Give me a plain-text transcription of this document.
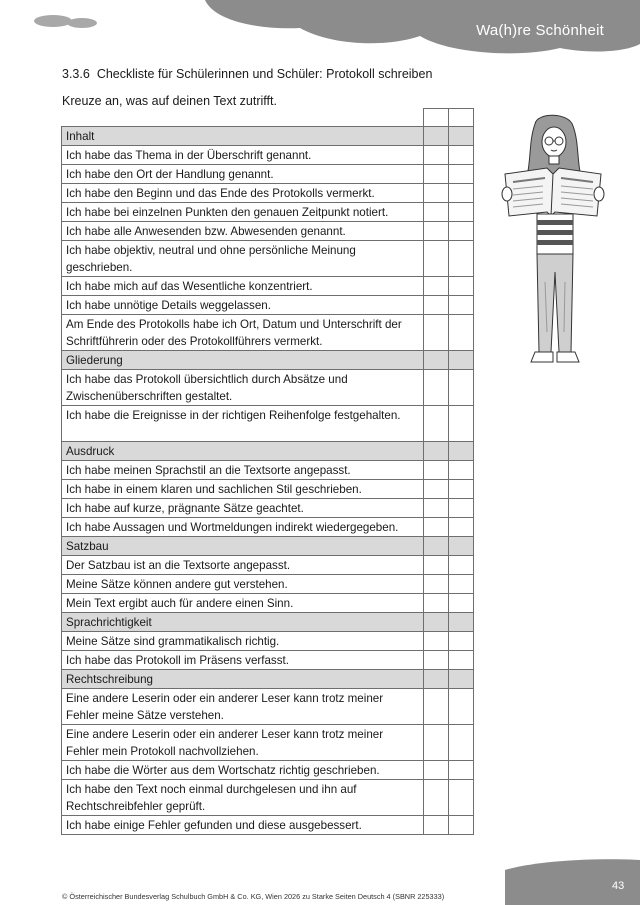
Wa(h)re Schönheit
3.3.6 Checkliste für Schülerinnen und Schüler: Protokoll schreiben
Kreuze an, was auf deinen Text zutrifft.

Inhalt		
Ich habe das Thema in der Überschrift genannt.		
Ich habe den Ort der Handlung genannt.		
Ich habe den Beginn und das Ende des Protokolls vermerkt.		
Ich habe bei einzelnen Punkten den genauen Zeitpunkt notiert.		
Ich habe alle Anwesenden bzw. Abwesenden genannt.		
Ich habe objektiv, neutral und ohne persönliche Meinung geschrieben.		
Ich habe mich auf das Wesentliche konzentriert.		
Ich habe unnötige Details weggelassen.		
Am Ende des Protokolls habe ich Ort, Datum und Unterschrift der Schriftführerin oder des Protokollführers vermerkt.		
Gliederung		
Ich habe das Protokoll übersichtlich durch Absätze und Zwischenüberschriften gestaltet.		
Ich habe die Ereignisse in der richtigen Reihenfolge festgehalten.		
Ausdruck		
Ich habe meinen Sprachstil an die Textsorte angepasst.		
Ich habe in einem klaren und sachlichen Stil geschrieben.		
Ich habe auf kurze, prägnante Sätze geachtet.		
Ich habe Aussagen und Wortmeldungen indirekt wiedergegeben.		
Satzbau		
Der Satzbau ist an die Textsorte angepasst.		
Meine Sätze können andere gut verstehen.		
Mein Text ergibt auch für andere einen Sinn.		
Sprachrichtigkeit		
Meine Sätze sind grammatikalisch richtig.		
Ich habe das Protokoll im Präsens verfasst.		
Rechtschreibung		
Eine andere Leserin oder ein anderer Leser kann trotz meiner Fehler meine Sätze verstehen.		
Eine andere Leserin oder ein anderer Leser kann trotz meiner Fehler mein Protokoll nachvollziehen.		
Ich habe die Wörter aus dem Wortschatz richtig geschrieben.		
Ich habe den Text noch einmal durchgelesen und ihn auf Rechtschreibfehler geprüft.		
Ich habe einige Fehler gefunden und diese ausgebessert.		
© Österreichischer Bundesverlag Schulbuch GmbH & Co. KG, Wien 2026 zu Starke Seiten Deutsch 4 (SBNR 225333)
43
